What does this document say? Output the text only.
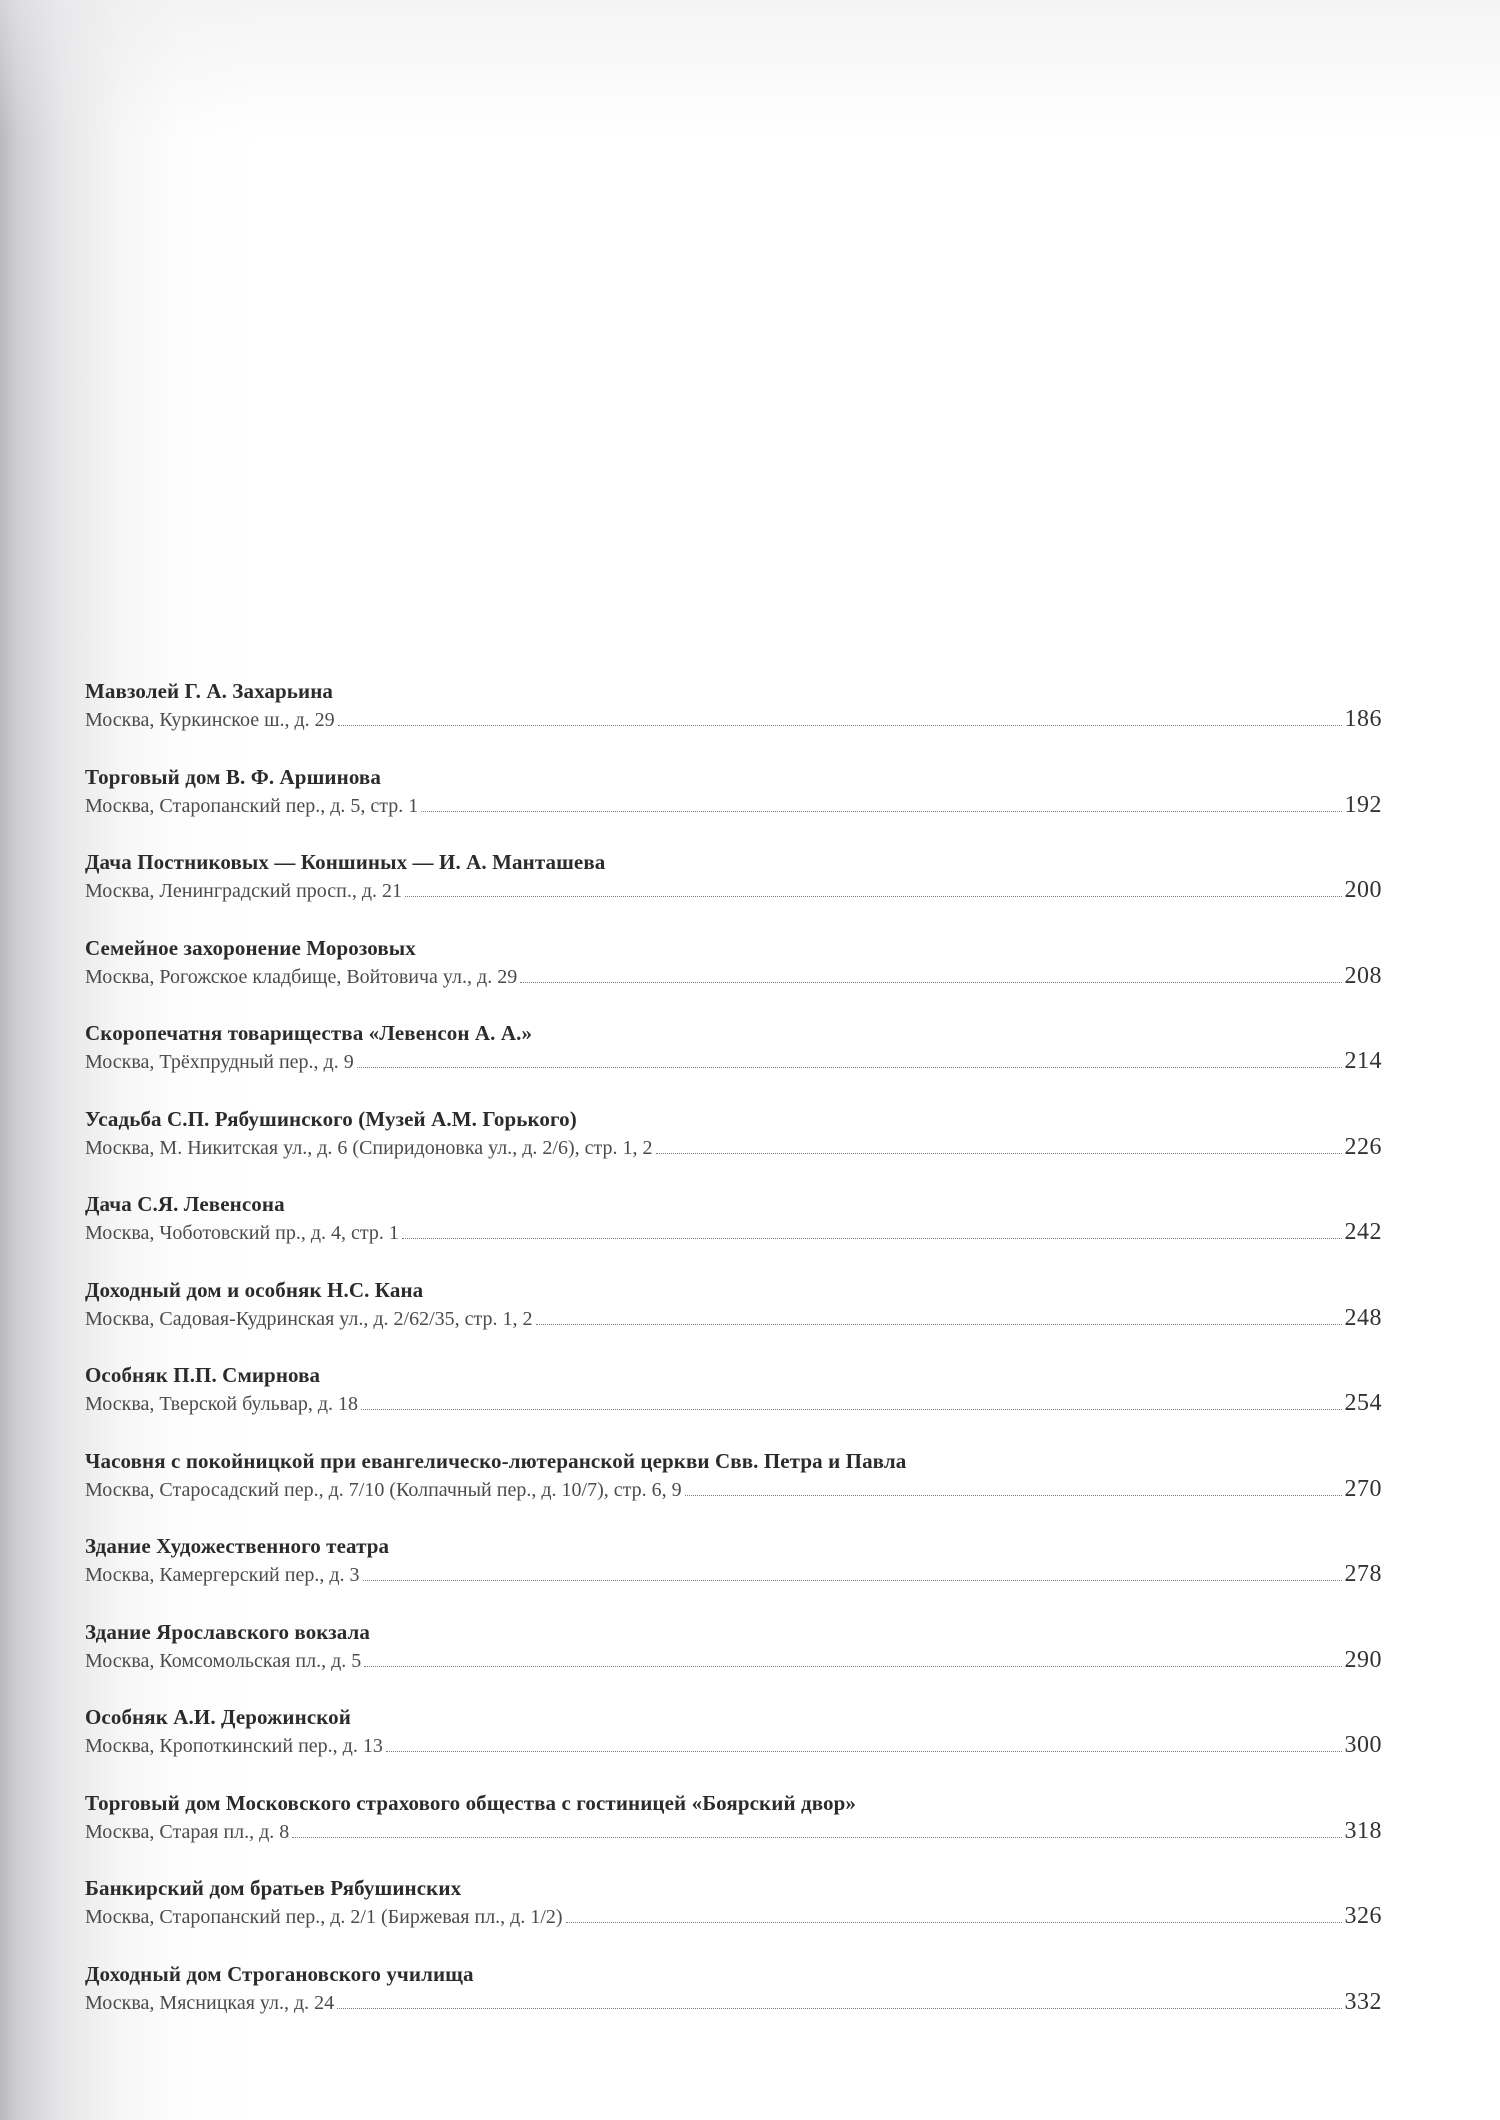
Мавзолей Г. А. Захарьина
Москва, Куркинское ш., д. 29	186
Торговый дом В. Ф. Аршинова
Москва, Старопанский пер., д. 5, стр. 1	192
Дача Постниковых — Коншиных — И. А. Манташева
Москва, Ленинградский просп., д. 21	200
Семейное захоронение Морозовых
Москва, Рогожское кладбище, Войтовича ул., д. 29	208
Скоропечатня товарищества «Левенсон А. А.»
Москва, Трёхпрудный пер., д. 9	214
Усадьба С.П. Рябушинского (Музей А.М. Горького)
Москва, М. Никитская ул., д. 6 (Спиридоновка ул., д. 2/6), стр. 1, 2	226
Дача С.Я. Левенсона
Москва, Чоботовский пр., д. 4, стр. 1	242
Доходный дом и особняк Н.С. Кана
Москва, Садовая-Кудринская ул., д. 2/62/35, стр. 1, 2	248
Особняк П.П. Смирнова
Москва, Тверской бульвар, д. 18	254
Часовня с покойницкой при евангелическо-лютеранской церкви Свв. Петра и Павла
Москва, Старосадский пер., д. 7/10 (Колпачный пер., д. 10/7), стр. 6, 9	270
Здание Художественного театра
Москва, Камергерский пер., д. 3	278
Здание Ярославского вокзала
Москва, Комсомольская пл., д. 5	290
Особняк А.И. Дерожинской
Москва, Кропоткинский пер., д. 13	300
Торговый дом Московского страхового общества с гостиницей «Боярский двор»
Москва, Старая пл., д. 8	318
Банкирский дом братьев Рябушинских
Москва, Старопанский пер., д. 2/1 (Биржевая пл., д. 1/2)	326
Доходный дом Строгановского училища
Москва, Мясницкая ул., д. 24	332
